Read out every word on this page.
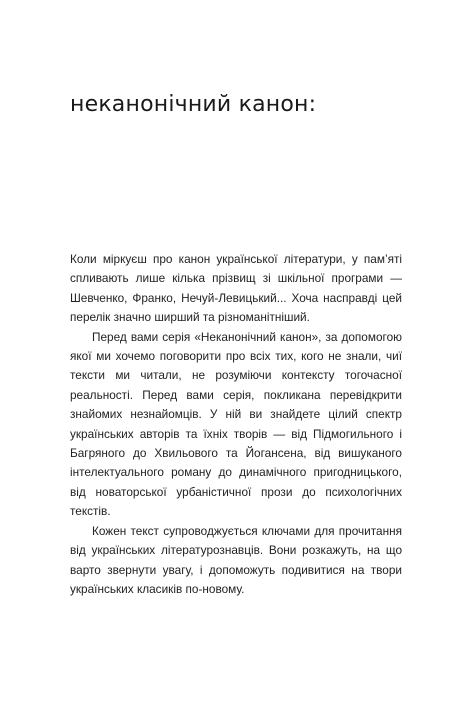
неканонічний канон:

Коли міркуєш про канон української літератури, у пам’яті спливають лише кілька прізвищ зі шкільної програми — Шевченко, Франко, Нечуй-Левицький... Хоча насправді цей перелік значно ширший та різноманітніший.

Перед вами серія «Неканонічний канон», за допомогою якої ми хочемо поговорити про всіх тих, кого не знали, чиї тексти ми читали, не розуміючи контексту тогочасної реальності. Перед вами серія, покликана перевідкрити знайомих незнайомців. У ній ви знайдете цілий спектр українських авторів та їхніх творів — від Підмогильного і Багряного до Хвильового та Йогансена, від вишуканого інтелектуального роману до динамічного пригодницького, від новаторської урбаністичної прози до психологічних текстів.

Кожен текст супроводжується ключами для прочитання від українських літературознавців. Вони розкажуть, на що варто звернути увагу, і допоможуть подивитися на твори українських класиків по-новому.
